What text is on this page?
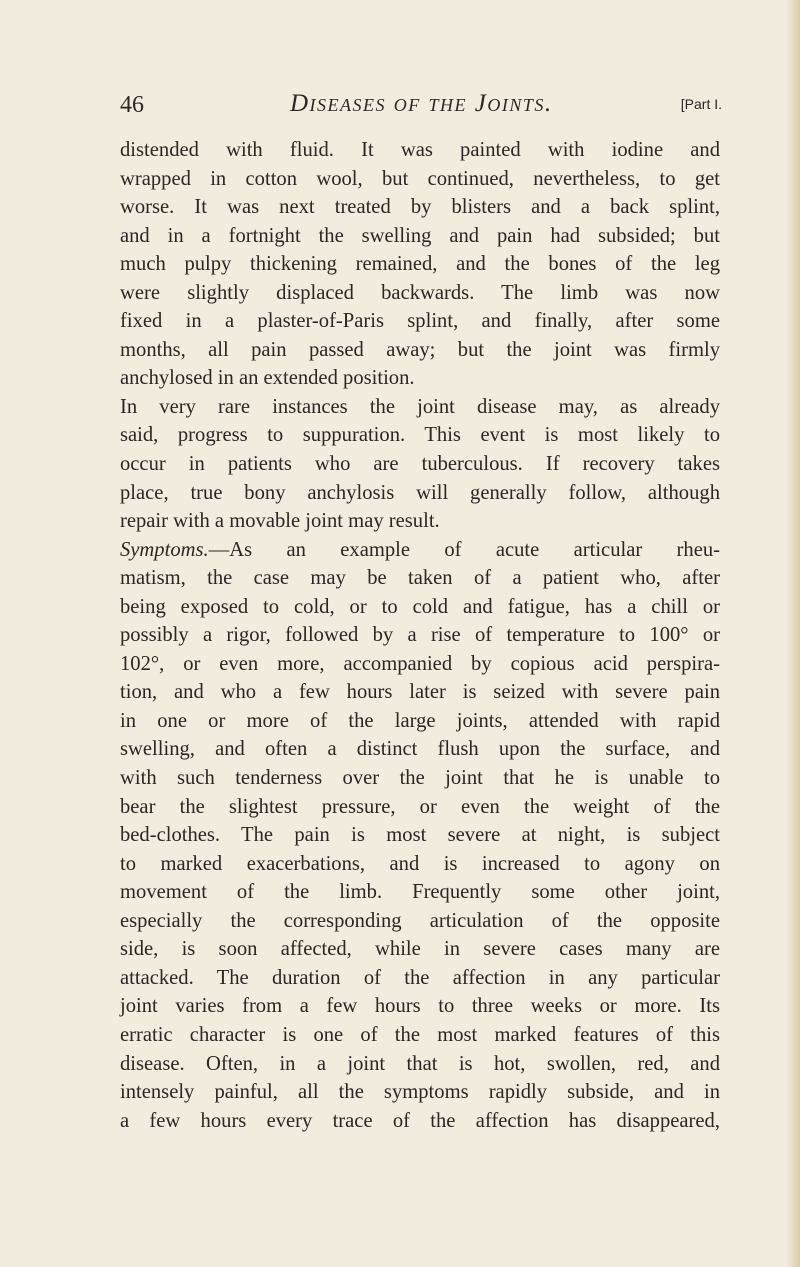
46	Diseases of the Joints.	[Part I.
distended with fluid. It was painted with iodine and
wrapped in cotton wool, but continued, nevertheless, to get
worse. It was next treated by blisters and a back splint,
and in a fortnight the swelling and pain had subsided; but
much pulpy thickening remained, and the bones of the leg
were slightly displaced backwards. The limb was now
fixed in a plaster-of-Paris splint, and finally, after some
months, all pain passed away; but the joint was firmly
anchylosed in an extended position.
In very rare instances the joint disease may, as already
said, progress to suppuration. This event is most likely to
occur in patients who are tuberculous. If recovery takes
place, true bony anchylosis will generally follow, although
repair with a movable joint may result.
Symptoms.—As an example of acute articular rheu-
matism, the case may be taken of a patient who, after
being exposed to cold, or to cold and fatigue, has a chill or
possibly a rigor, followed by a rise of temperature to 100° or
102°, or even more, accompanied by copious acid perspira-
tion, and who a few hours later is seized with severe pain
in one or more of the large joints, attended with rapid
swelling, and often a distinct flush upon the surface, and
with such tenderness over the joint that he is unable to
bear the slightest pressure, or even the weight of the
bed-clothes. The pain is most severe at night, is subject
to marked exacerbations, and is increased to agony on
movement of the limb. Frequently some other joint,
especially the corresponding articulation of the opposite
side, is soon affected, while in severe cases many are
attacked. The duration of the affection in any particular
joint varies from a few hours to three weeks or more. Its
erratic character is one of the most marked features of this
disease. Often, in a joint that is hot, swollen, red, and
intensely painful, all the symptoms rapidly subside, and in
a few hours every trace of the affection has disappeared,
